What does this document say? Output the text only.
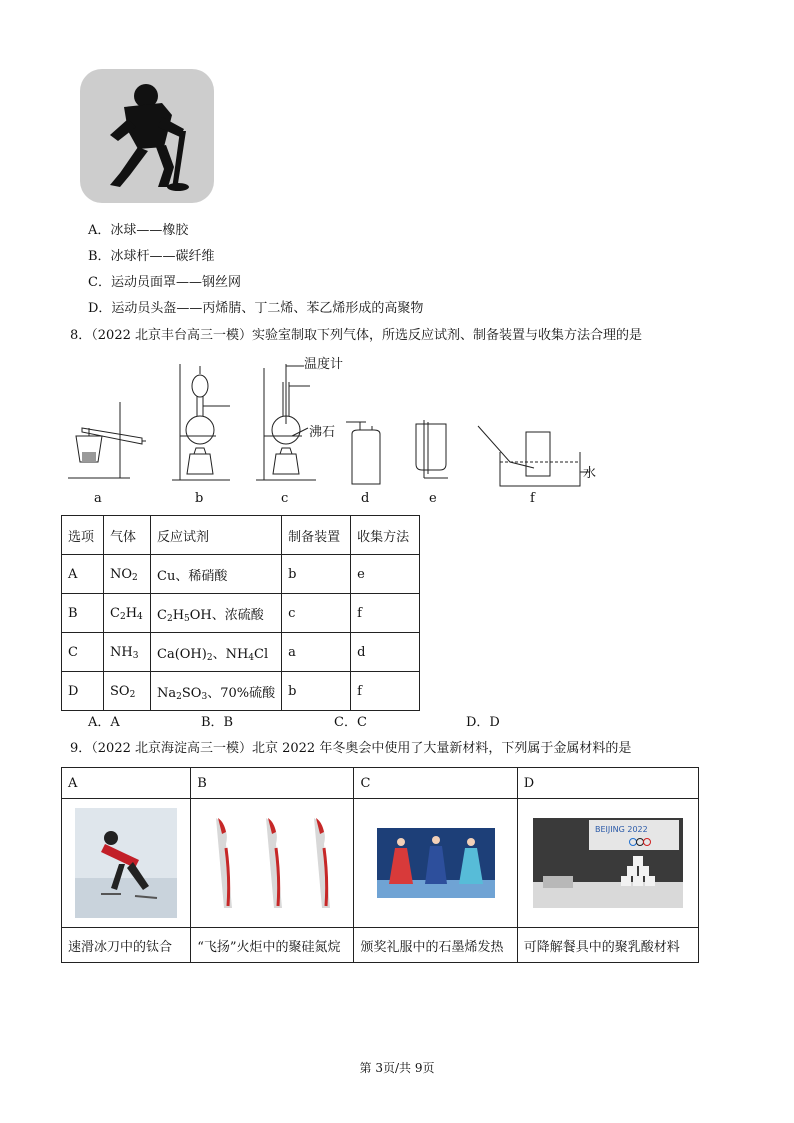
A．冰球——橡胶
B．冰球杆——碳纤维
C．运动员面罩——钢丝网
D．运动员头盔——丙烯腈、丁二烯、苯乙烯形成的高聚物
8．（2022 北京丰台高三一模）实验室制取下列气体，所选反应试剂、制备装置与收集方法合理的是
温度计
沸石
水
a	b	c	d	e	f
选项	气体	反应试剂	制备装置	收集方法
A	$NO_2$	Cu、稀硝酸	b	e
B	$C_2H_4$	$C_2H_5OH$、浓硫酸	c	f
C	$NH_3$	$Ca(OH)_2$、$NH_4Cl$	a	d
D	$SO_2$	$Na_2SO_3$、70%硫酸	b	f
A．A	B．B	C．C	D．D
9．（2022 北京海淀高三一模）北京 2022 年冬奥会中使用了大量新材料，下列属于金属材料的是
A	B	C	D

BEIJING 2022

速滑冰刀中的钛合	“飞扬”火炬中的聚硅氮烷	颁奖礼服中的石墨烯发热	可降解餐具中的聚乳酸材料
第 3页/共 9页
